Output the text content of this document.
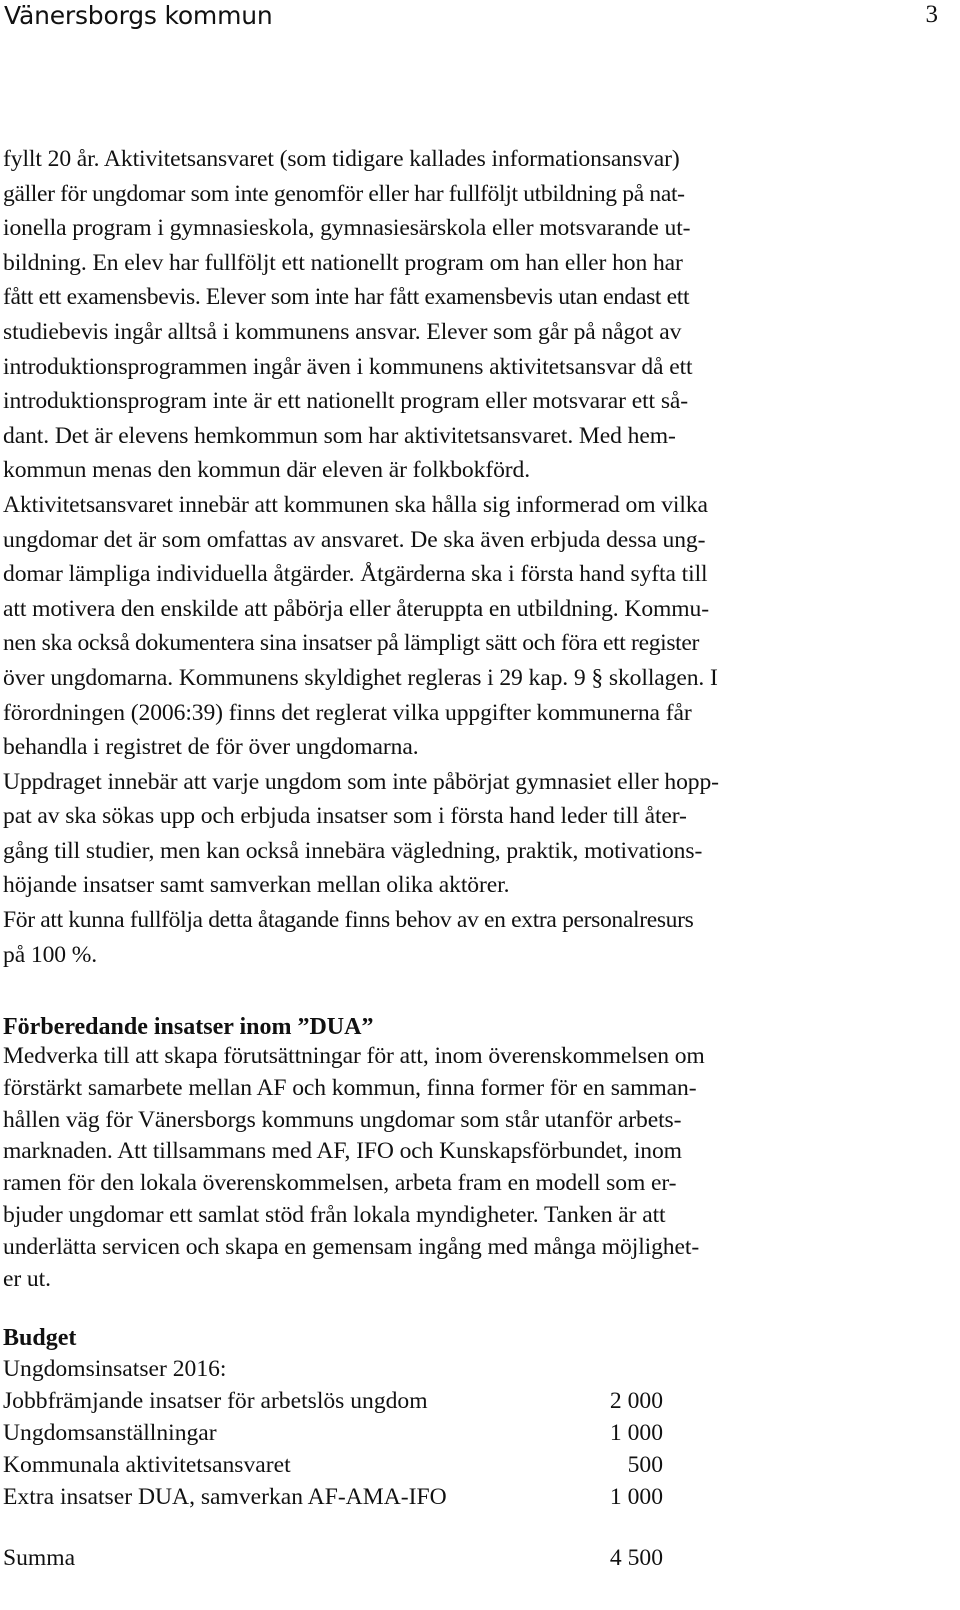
Vänersborgs kommun	3
fyllt 20 år. Aktivitetsansvaret (som tidigare kallades informationsansvar)
gäller för ungdomar som inte genomför eller har fullföljt utbildning på nat-
ionella program i gymnasieskola, gymnasiesärskola eller motsvarande ut-
bildning. En elev har fullföljt ett nationellt program om han eller hon har
fått ett examensbevis. Elever som inte har fått examensbevis utan endast ett
studiebevis ingår alltså i kommunens ansvar. Elever som går på något av
introduktionsprogrammen ingår även i kommunens aktivitetsansvar då ett
introduktionsprogram inte är ett nationellt program eller motsvarar ett så-
dant. Det är elevens hemkommun som har aktivitetsansvaret. Med hem-
kommun menas den kommun där eleven är folkbokförd.
Aktivitetsansvaret innebär att kommunen ska hålla sig informerad om vilka
ungdomar det är som omfattas av ansvaret. De ska även erbjuda dessa ung-
domar lämpliga individuella åtgärder. Åtgärderna ska i första hand syfta till
att motivera den enskilde att påbörja eller återuppta en utbildning. Kommu-
nen ska också dokumentera sina insatser på lämpligt sätt och föra ett register
över ungdomarna. Kommunens skyldighet regleras i 29 kap. 9 § skollagen. I
förordningen (2006:39) finns det reglerat vilka uppgifter kommunerna får
behandla i registret de för över ungdomarna.
Uppdraget innebär att varje ungdom som inte påbörjat gymnasiet eller hopp-
pat av ska sökas upp och erbjuda insatser som i första hand leder till åter-
gång till studier, men kan också innebära vägledning, praktik, motivations-
höjande insatser samt samverkan mellan olika aktörer.
För att kunna fullfölja detta åtagande finns behov av en extra personalresurs
på 100 %.
Förberedande insatser inom ”DUA”
Medverka till att skapa förutsättningar för att, inom överenskommelsen om
förstärkt samarbete mellan AF och kommun, finna former för en samman-
hållen väg för Vänersborgs kommuns ungdomar som står utanför arbets-
marknaden. Att tillsammans med AF, IFO och Kunskapsförbundet, inom
ramen för den lokala överenskommelsen, arbeta fram en modell som er-
bjuder ungdomar ett samlat stöd från lokala myndigheter. Tanken är att
underlätta servicen och skapa en gemensam ingång med många möjlighet-
er ut.
Budget
Ungdomsinsatser 2016:
Jobbfrämjande insatser för arbetslös ungdom	2 000
Ungdomsanställningar	1 000
Kommunala aktivitetsansvaret	500
Extra insatser DUA, samverkan AF-AMA-IFO	1 000
Summa	4 500
